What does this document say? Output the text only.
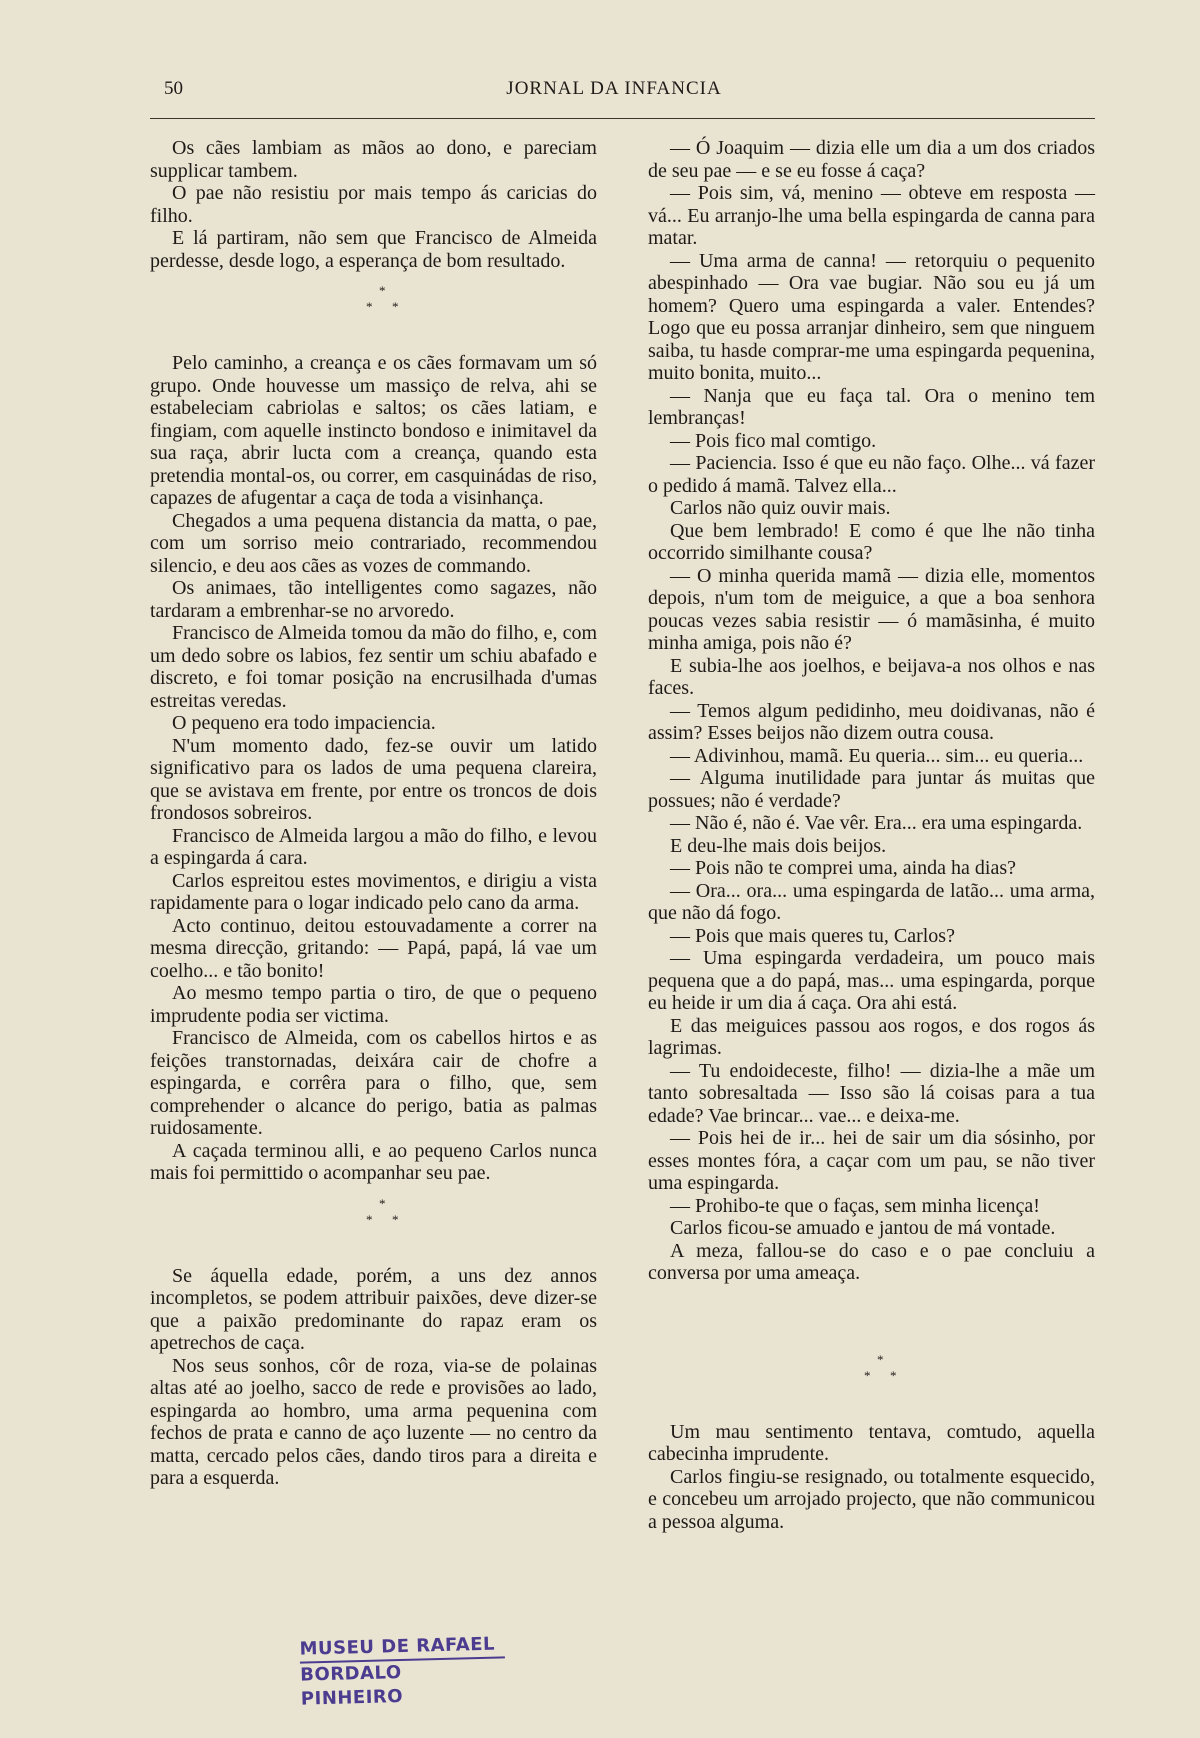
50	JORNAL DA INFANCIA

Os cães lambiam as mãos ao dono, e pareciam supplicar tambem.

O pae não resistiu por mais tempo ás caricias do filho.

E lá partiram, não sem que Francisco de Almeida perdesse, desde logo, a esperança de bom resultado.

*
* *

Pelo caminho, a creança e os cães formavam um só grupo. Onde houvesse um massiço de relva, ahi se estabeleciam cabriolas e saltos; os cães latiam, e fingiam, com aquelle instincto bondoso e inimitavel da sua raça, abrir lucta com a creança, quando esta pretendia montal-os, ou correr, em casquinádas de riso, capazes de afugentar a caça de toda a visinhança.

Chegados a uma pequena distancia da matta, o pae, com um sorriso meio contrariado, recommendou silencio, e deu aos cães as vozes de commando.

Os animaes, tão intelligentes como sagazes, não tardaram a embrenhar-se no arvoredo.

Francisco de Almeida tomou da mão do filho, e, com um dedo sobre os labios, fez sentir um schiu abafado e discreto, e foi tomar posição na encrusilhada d'umas estreitas veredas.

O pequeno era todo impaciencia.

N'um momento dado, fez-se ouvir um latido significativo para os lados de uma pequena clareira, que se avistava em frente, por entre os troncos de dois frondosos sobreiros.

Francisco de Almeida largou a mão do filho, e levou a espingarda á cara.

Carlos espreitou estes movimentos, e dirigiu a vista rapidamente para o logar indicado pelo cano da arma.

Acto continuo, deitou estouvadamente a correr na mesma direcção, gritando: — Papá, papá, lá vae um coelho... e tão bonito!

Ao mesmo tempo partia o tiro, de que o pequeno imprudente podia ser victima.

Francisco de Almeida, com os cabellos hirtos e as feições transtornadas, deixára cair de chofre a espingarda, e corrêra para o filho, que, sem comprehender o alcance do perigo, batia as palmas ruidosamente.

A caçada terminou alli, e ao pequeno Carlos nunca mais foi permittido o acompanhar seu pae.

*
* *

Se áquella edade, porém, a uns dez annos incompletos, se podem attribuir paixões, deve dizer-se que a paixão predominante do rapaz eram os apetrechos de caça.

Nos seus sonhos, côr de roza, via-se de polainas altas até ao joelho, sacco de rede e provisões ao lado, espingarda ao hombro, uma arma pequenina com fechos de prata e canno de aço luzente — no centro da matta, cercado pelos cães, dando tiros para a direita e para a esquerda.

— Ó Joaquim — dizia elle um dia a um dos criados de seu pae — e se eu fosse á caça?

— Pois sim, vá, menino — obteve em resposta — vá... Eu arranjo-lhe uma bella espingarda de canna para matar.

— Uma arma de canna! — retorquiu o pequenito abespinhado — Ora vae bugiar. Não sou eu já um homem? Quero uma espingarda a valer. Entendes? Logo que eu possa arranjar dinheiro, sem que ninguem saiba, tu hasde comprar-me uma espingarda pequenina, muito bonita, muito...

— Nanja que eu faça tal. Ora o menino tem lembranças!

— Pois fico mal comtigo.

— Paciencia. Isso é que eu não faço. Olhe... vá fazer o pedido á mamã. Talvez ella...

Carlos não quiz ouvir mais.

Que bem lembrado! E como é que lhe não tinha occorrido similhante cousa?

— O minha querida mamã — dizia elle, momentos depois, n'um tom de meiguice, a que a boa senhora poucas vezes sabia resistir — ó mamãsinha, é muito minha amiga, pois não é?

E subia-lhe aos joelhos, e beijava-a nos olhos e nas faces.

— Temos algum pedidinho, meu doidivanas, não é assim? Esses beijos não dizem outra cousa.

— Adivinhou, mamã. Eu queria... sim... eu queria...

— Alguma inutilidade para juntar ás muitas que possues; não é verdade?

— Não é, não é. Vae vêr. Era... era uma espingarda.

E deu-lhe mais dois beijos.

— Pois não te comprei uma, ainda ha dias?

— Ora... ora... uma espingarda de latão... uma arma, que não dá fogo.

— Pois que mais queres tu, Carlos?

— Uma espingarda verdadeira, um pouco mais pequena que a do papá, mas... uma espingarda, porque eu heide ir um dia á caça. Ora ahi está.

E das meiguices passou aos rogos, e dos rogos ás lagrimas.

— Tu endoideceste, filho! — dizia-lhe a mãe um tanto sobresaltada — Isso são lá coisas para a tua edade? Vae brincar... vae... e deixa-me.

— Pois hei de ir... hei de sair um dia sósinho, por esses montes fóra, a caçar com um pau, se não tiver uma espingarda.

— Prohibo-te que o faças, sem minha licença!

Carlos ficou-se amuado e jantou de má vontade.

A meza, fallou-se do caso e o pae concluiu a conversa por uma ameaça.

*
* *

Um mau sentimento tentava, comtudo, aquella cabecinha imprudente.

Carlos fingiu-se resignado, ou totalmente esquecido, e concebeu um arrojado projecto, que não communicou a pessoa alguma.

MUSEU DE RAFAEL
BORDALO PINHEIRO
